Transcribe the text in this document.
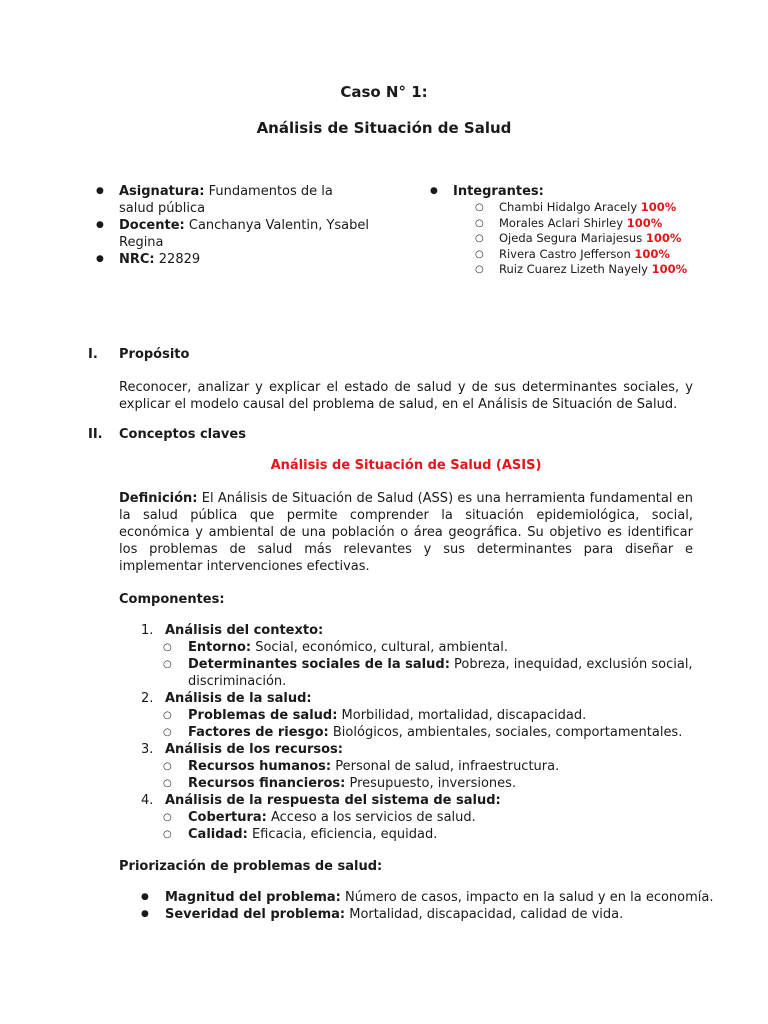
Caso N° 1:
Análisis de Situación de Salud
● Asignatura: Fundamentos de la salud pública
● Docente: Canchanya Valentin, Ysabel Regina
● NRC: 22829
● Integrantes:
○ Chambi Hidalgo Aracely 100%
○ Morales Aclari Shirley 100%
○ Ojeda Segura Mariajesus 100%
○ Rivera Castro Jefferson 100%
○ Ruiz Cuarez Lizeth Nayely 100%
I. Propósito
Reconocer, analizar y explicar el estado de salud y de sus determinantes sociales, y explicar el modelo causal del problema de salud, en el Análisis de Situación de Salud.
II. Conceptos claves
Análisis de Situación de Salud (ASIS)
Definición: El Análisis de Situación de Salud (ASS) es una herramienta fundamental en la salud pública que permite comprender la situación epidemiológica, social, económica y ambiental de una población o área geográfica. Su objetivo es identificar los problemas de salud más relevantes y sus determinantes para diseñar e implementar intervenciones efectivas.
Componentes:
1. Análisis del contexto:
○ Entorno: Social, económico, cultural, ambiental.
○ Determinantes sociales de la salud: Pobreza, inequidad, exclusión social, discriminación.
2. Análisis de la salud:
○ Problemas de salud: Morbilidad, mortalidad, discapacidad.
○ Factores de riesgo: Biológicos, ambientales, sociales, comportamentales.
3. Análisis de los recursos:
○ Recursos humanos: Personal de salud, infraestructura.
○ Recursos financieros: Presupuesto, inversiones.
4. Análisis de la respuesta del sistema de salud:
○ Cobertura: Acceso a los servicios de salud.
○ Calidad: Eficacia, eficiencia, equidad.
Priorización de problemas de salud:
● Magnitud del problema: Número de casos, impacto en la salud y en la economía.
● Severidad del problema: Mortalidad, discapacidad, calidad de vida.
